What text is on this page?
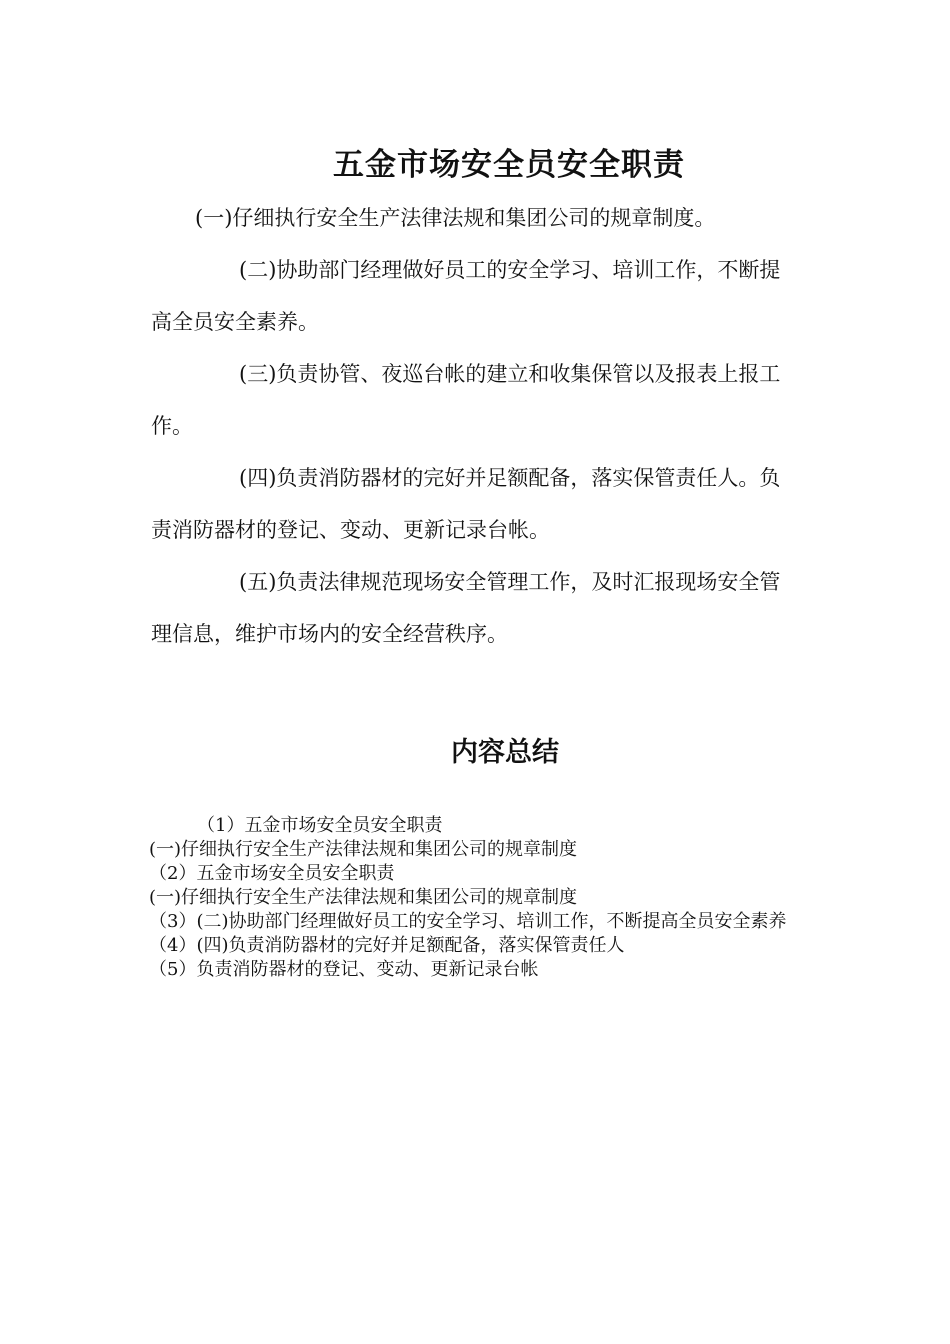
五金市场安全员安全职责

(一)仔细执行安全生产法律法规和集团公司的规章制度。

(二)协助部门经理做好员工的安全学习、培训工作，不断提高全员安全素养。

(三)负责协管、夜巡台帐的建立和收集保管以及报表上报工作。

(四)负责消防器材的完好并足额配备，落实保管责任人。负责消防器材的登记、变动、更新记录台帐。

(五)负责法律规范现场安全管理工作，及时汇报现场安全管理信息，维护市场内的安全经营秩序。

内容总结

（1）五金市场安全员安全职责

(一)仔细执行安全生产法律法规和集团公司的规章制度

（2）五金市场安全员安全职责

(一)仔细执行安全生产法律法规和集团公司的规章制度

（3）(二)协助部门经理做好员工的安全学习、培训工作，不断提高全员安全素养

（4）(四)负责消防器材的完好并足额配备，落实保管责任人

（5）负责消防器材的登记、变动、更新记录台帐
